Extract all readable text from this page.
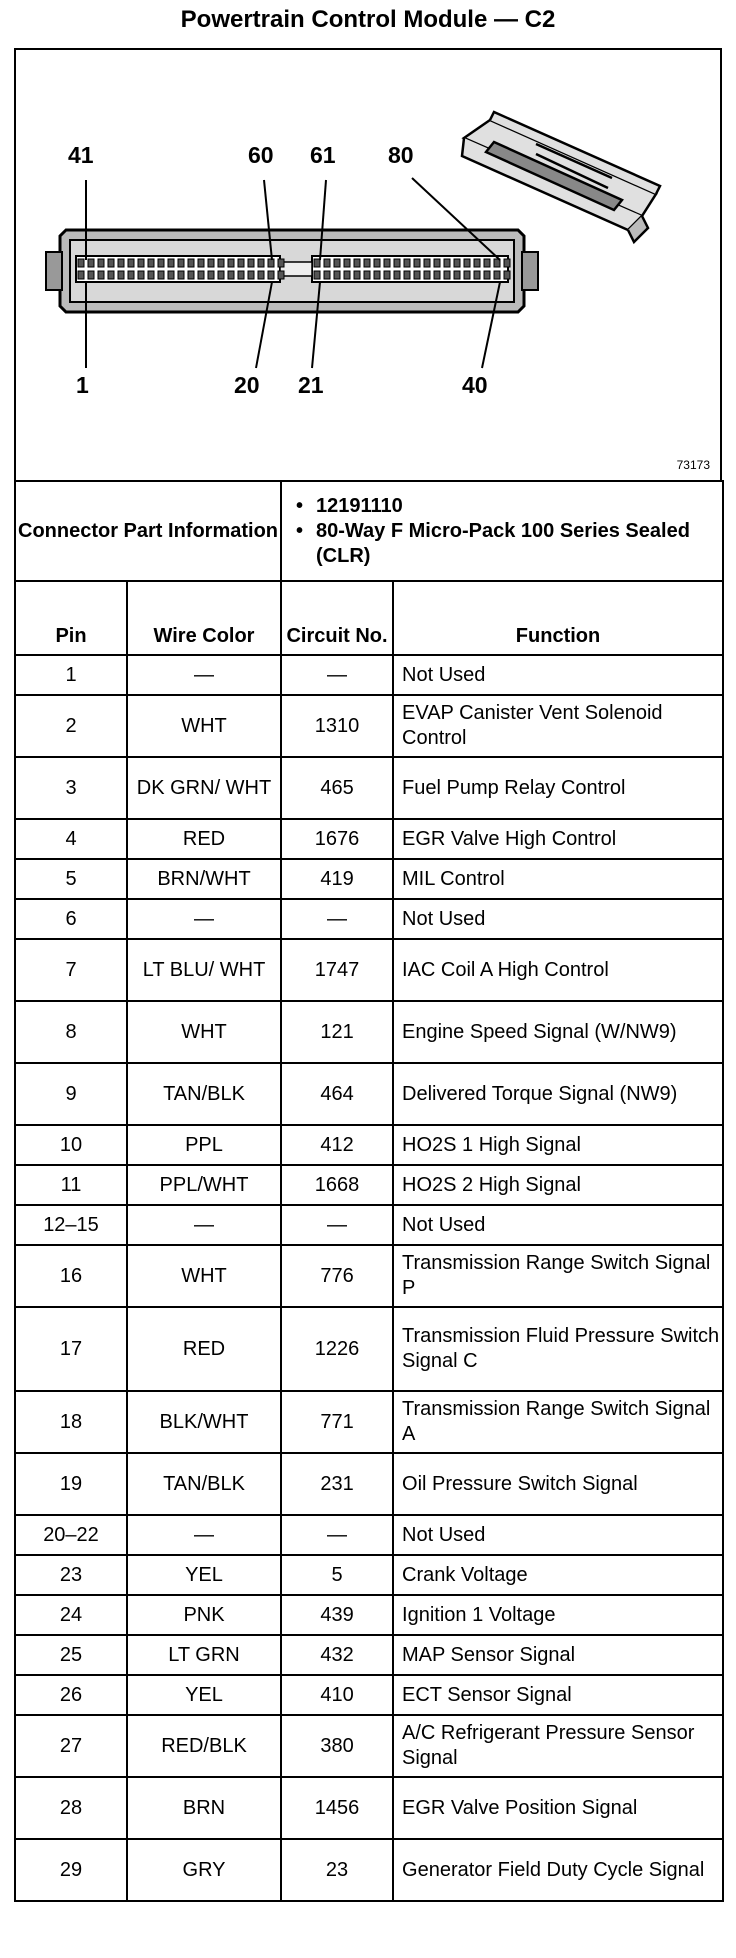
Powertrain Control Module — C2
41	60 61 80
1	20 21	40
73173
Connector Part Information		• 12191110
• 80-Way F Micro-Pack 100 Series Sealed (CLR)

Pin	Wire Color	Circuit No.	Function
1	—	—	Not Used
2	WHT	1310	EVAP Canister Vent Solenoid Control
3	DK GRN/ WHT	465	Fuel Pump Relay Control
4	RED	1676	EGR Valve High Control
5	BRN/WHT	419	MIL Control
6	—	—	Not Used
7	LT BLU/ WHT	1747	IAC Coil A High Control
8	WHT	121	Engine Speed Signal (W/NW9)
9	TAN/BLK	464	Delivered Torque Signal (NW9)
10	PPL	412	HO2S 1 High Signal
11	PPL/WHT	1668	HO2S 2 High Signal
12–15	—	—	Not Used
16	WHT	776	Transmission Range Switch Signal P
17	RED	1226	Transmission Fluid Pressure Switch Signal C
18	BLK/WHT	771	Transmission Range Switch Signal A
19	TAN/BLK	231	Oil Pressure Switch Signal
20–22	—	—	Not Used
23	YEL	5	Crank Voltage
24	PNK	439	Ignition 1 Voltage
25	LT GRN	432	MAP Sensor Signal
26	YEL	410	ECT Sensor Signal
27	RED/BLK	380	A/C Refrigerant Pressure Sensor Signal
28	BRN	1456	EGR Valve Position Signal
29	GRY	23	Generator Field Duty Cycle Signal
